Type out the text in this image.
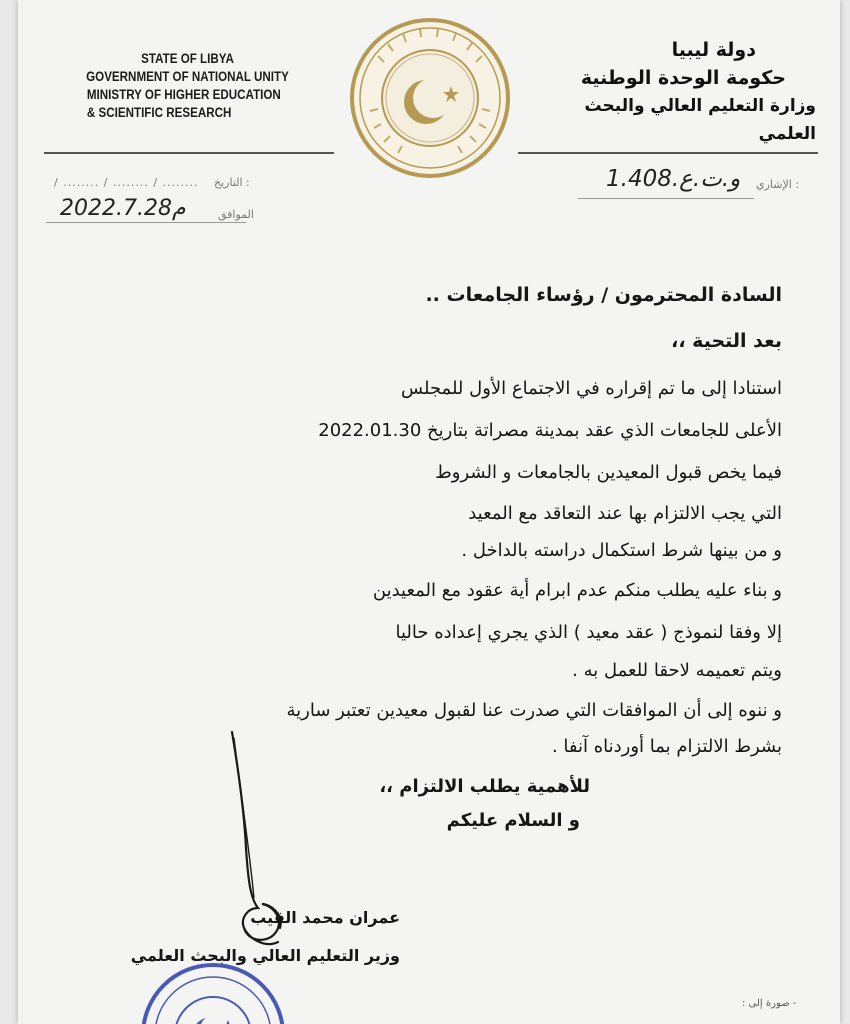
STATE OF LIBYA
GOVERNMENT OF NATIONAL UNITY
MINISTRY OF HIGHER EDUCATION
& SCIENTIFIC RESEARCH
دولة ليبيا
حكومة الوحدة الوطنية
وزارة التعليم العالي والبحث العلمي
التاريخ :
/ ........ / ........ / ........
الموافق
2022.7.28م
الإشاري :
و.ت.ع.1.408
السادة المحترمون / رؤساء الجامعات ..
بعد التحية ،،
استنادا إلى ما تم إقراره في الاجتماع الأول للمجلس
الأعلى للجامعات الذي عقد بمدينة مصراتة بتاريخ 2022.01.30
فيما يخص قبول المعيدين بالجامعات و الشروط
التي يجب الالتزام بها عند التعاقد مع المعيد
و من بينها شرط استكمال دراسته بالداخل .
و بناء عليه يطلب منكم عدم ابرام أية عقود مع المعيدين
إلا وفقا لنموذج ( عقد معيد ) الذي يجري إعداده حاليا
ويتم تعميمه لاحقا للعمل به .
و ننوه إلى أن الموافقات التي صدرت عنا لقبول معيدين تعتبر سارية
بشرط الالتزام بما أوردناه آنفا .
للأهمية يطلب الالتزام ،،
و السلام عليكم
عمران محمد القيب
وزير التعليم العالي والبحث العلمي
- صورة إلى :
